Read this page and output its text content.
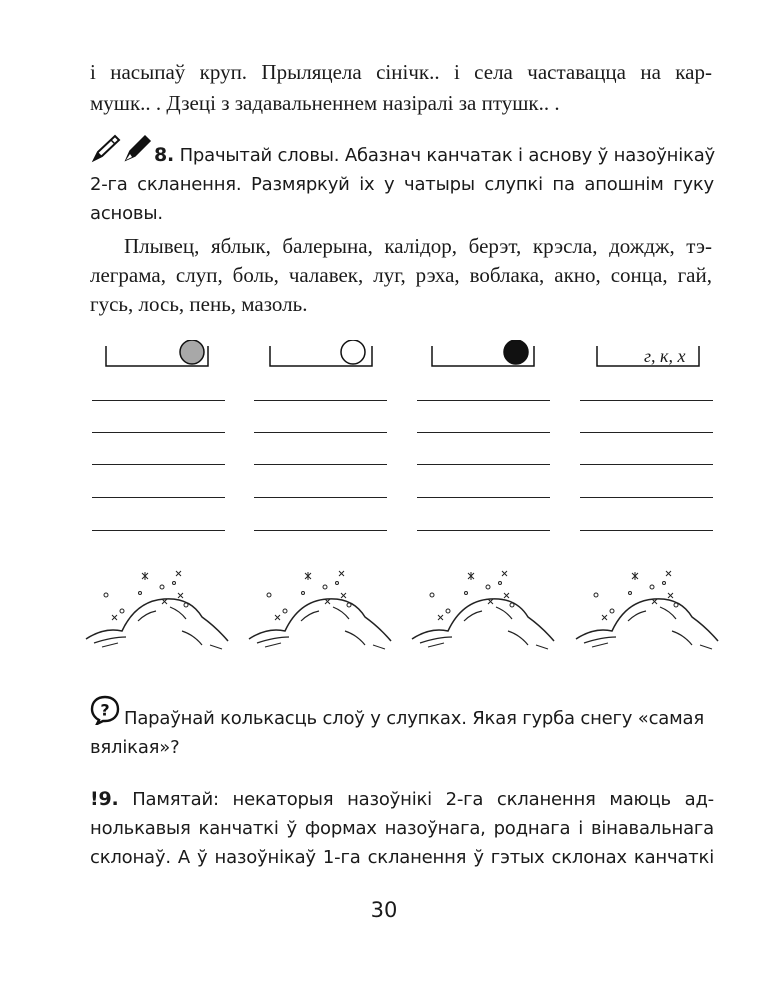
і насыпаў круп. Прыляцела сінічк.. і села частавацца на кар-
мушк.. . Дзеці з задавальненнем назіралі за птушк.. .
8. Прачытай словы. Абазнач канчатак і аснову ў назоўнікаў
2-га скланення. Размяркуй іх у чатыры слупкі па апошнім гуку
асновы.
Плывец, яблык, балерына, калідор, берэт, крэсла, дождж, тэ-
леграма, слуп, боль, чалавек, луг, рэха, воблака, акно, сонца, гай,
гусь, лось, пень, мазоль.
г, к, х
? Параўнай колькасць слоў у слупках. Якая гурба снегу «самая
вялікая»?
!9. Памятай: некаторыя назоўнікі 2-га скланення маюць ад-
нолькавыя канчаткі ў формах назоўнага, роднага і вінавальнага
склонаў. А ў назоўнікаў 1-га скланення ў гэтых склонах канчаткі
30
